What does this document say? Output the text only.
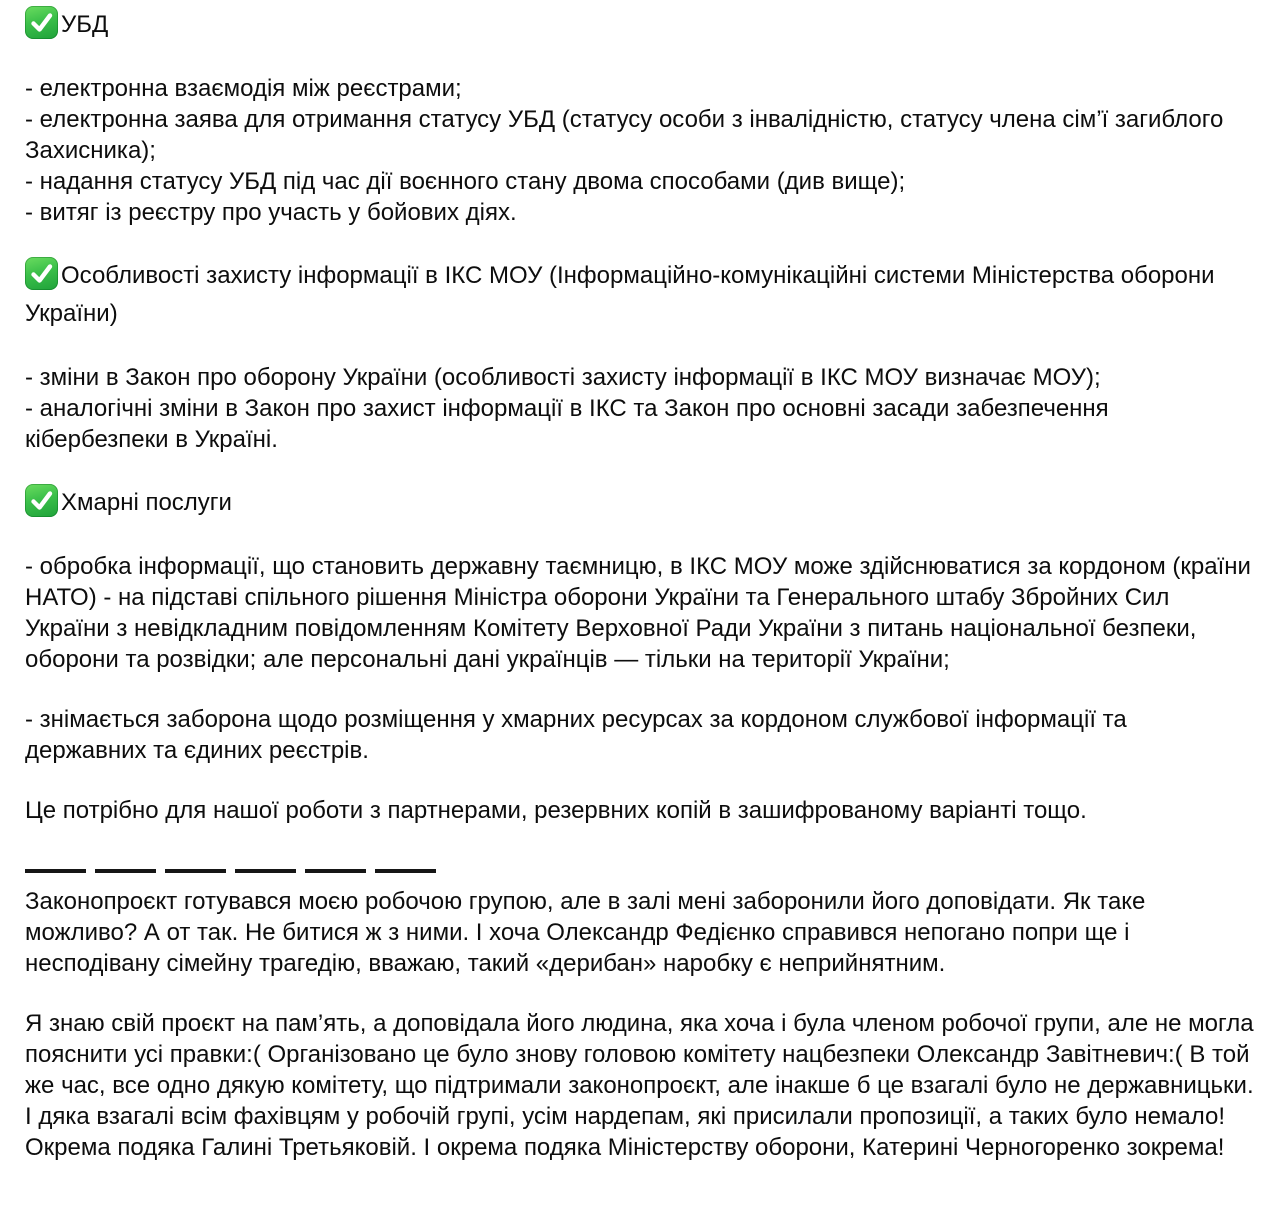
УБД
- електронна взаємодія між реєстрами;
- електронна заява для отримання статусу УБД (статусу особи з інвалідністю, статусу члена сім’ї загиблого Захисника);
- надання статусу УБД під час дії воєнного стану двома способами (див вище);
- витяг із реєстру про участь у бойових діях.
Особливості захисту інформації в ІКС МОУ (Інформаційно-комунікаційні системи Міністерства оборони України)
- зміни в Закон про оборону України (особливості захисту інформації в ІКС МОУ визначає МОУ);
- аналогічні зміни в Закон про захист інформації в ІКС та Закон про основні засади забезпечення кібербезпеки в Україні.
Хмарні послуги
- обробка інформації, що становить державну таємницю, в ІКС МОУ може здійснюватися за кордоном (країни НАТО) - на підставі спільного рішення Міністра оборони України та Генерального штабу Збройних Сил України з невідкладним повідомленням Комітету Верховної Ради України з питань національної безпеки, оборони та розвідки; але персональні дані українців — тільки на території України;
- знімається заборона щодо розміщення у хмарних ресурсах за кордоном службової інформації та державних та єдиних реєстрів.
Це потрібно для нашої роботи з партнерами, резервних копій в зашифрованому варіанті тощо.
Законопроєкт готувався моєю робочою групою, але в залі мені заборонили його доповідати. Як таке можливо? А от так. Не битися ж з ними. І хоча Олександр Федієнко справився непогано попри ще і несподівану сімейну трагедію, вважаю, такий «дерибан» наробку є неприйнятним.
Я знаю свій проєкт на пам’ять, а доповідала його людина, яка хоча і була членом робочої групи, але не могла пояснити усі правки:( Організовано це було знову головою комітету нацбезпеки Олександр Завітневич:( В той же час, все одно дякую комітету, що підтримали законопроєкт, але інакше б це взагалі було не державницьки. І дяка взагалі всім фахівцям у робочій групі, усім нардепам, які присилали пропозиції, а таких було немало! Окрема подяка Галині Третьяковій. І окрема подяка Міністерству оборони, Катерині Черногоренко зокрема!
